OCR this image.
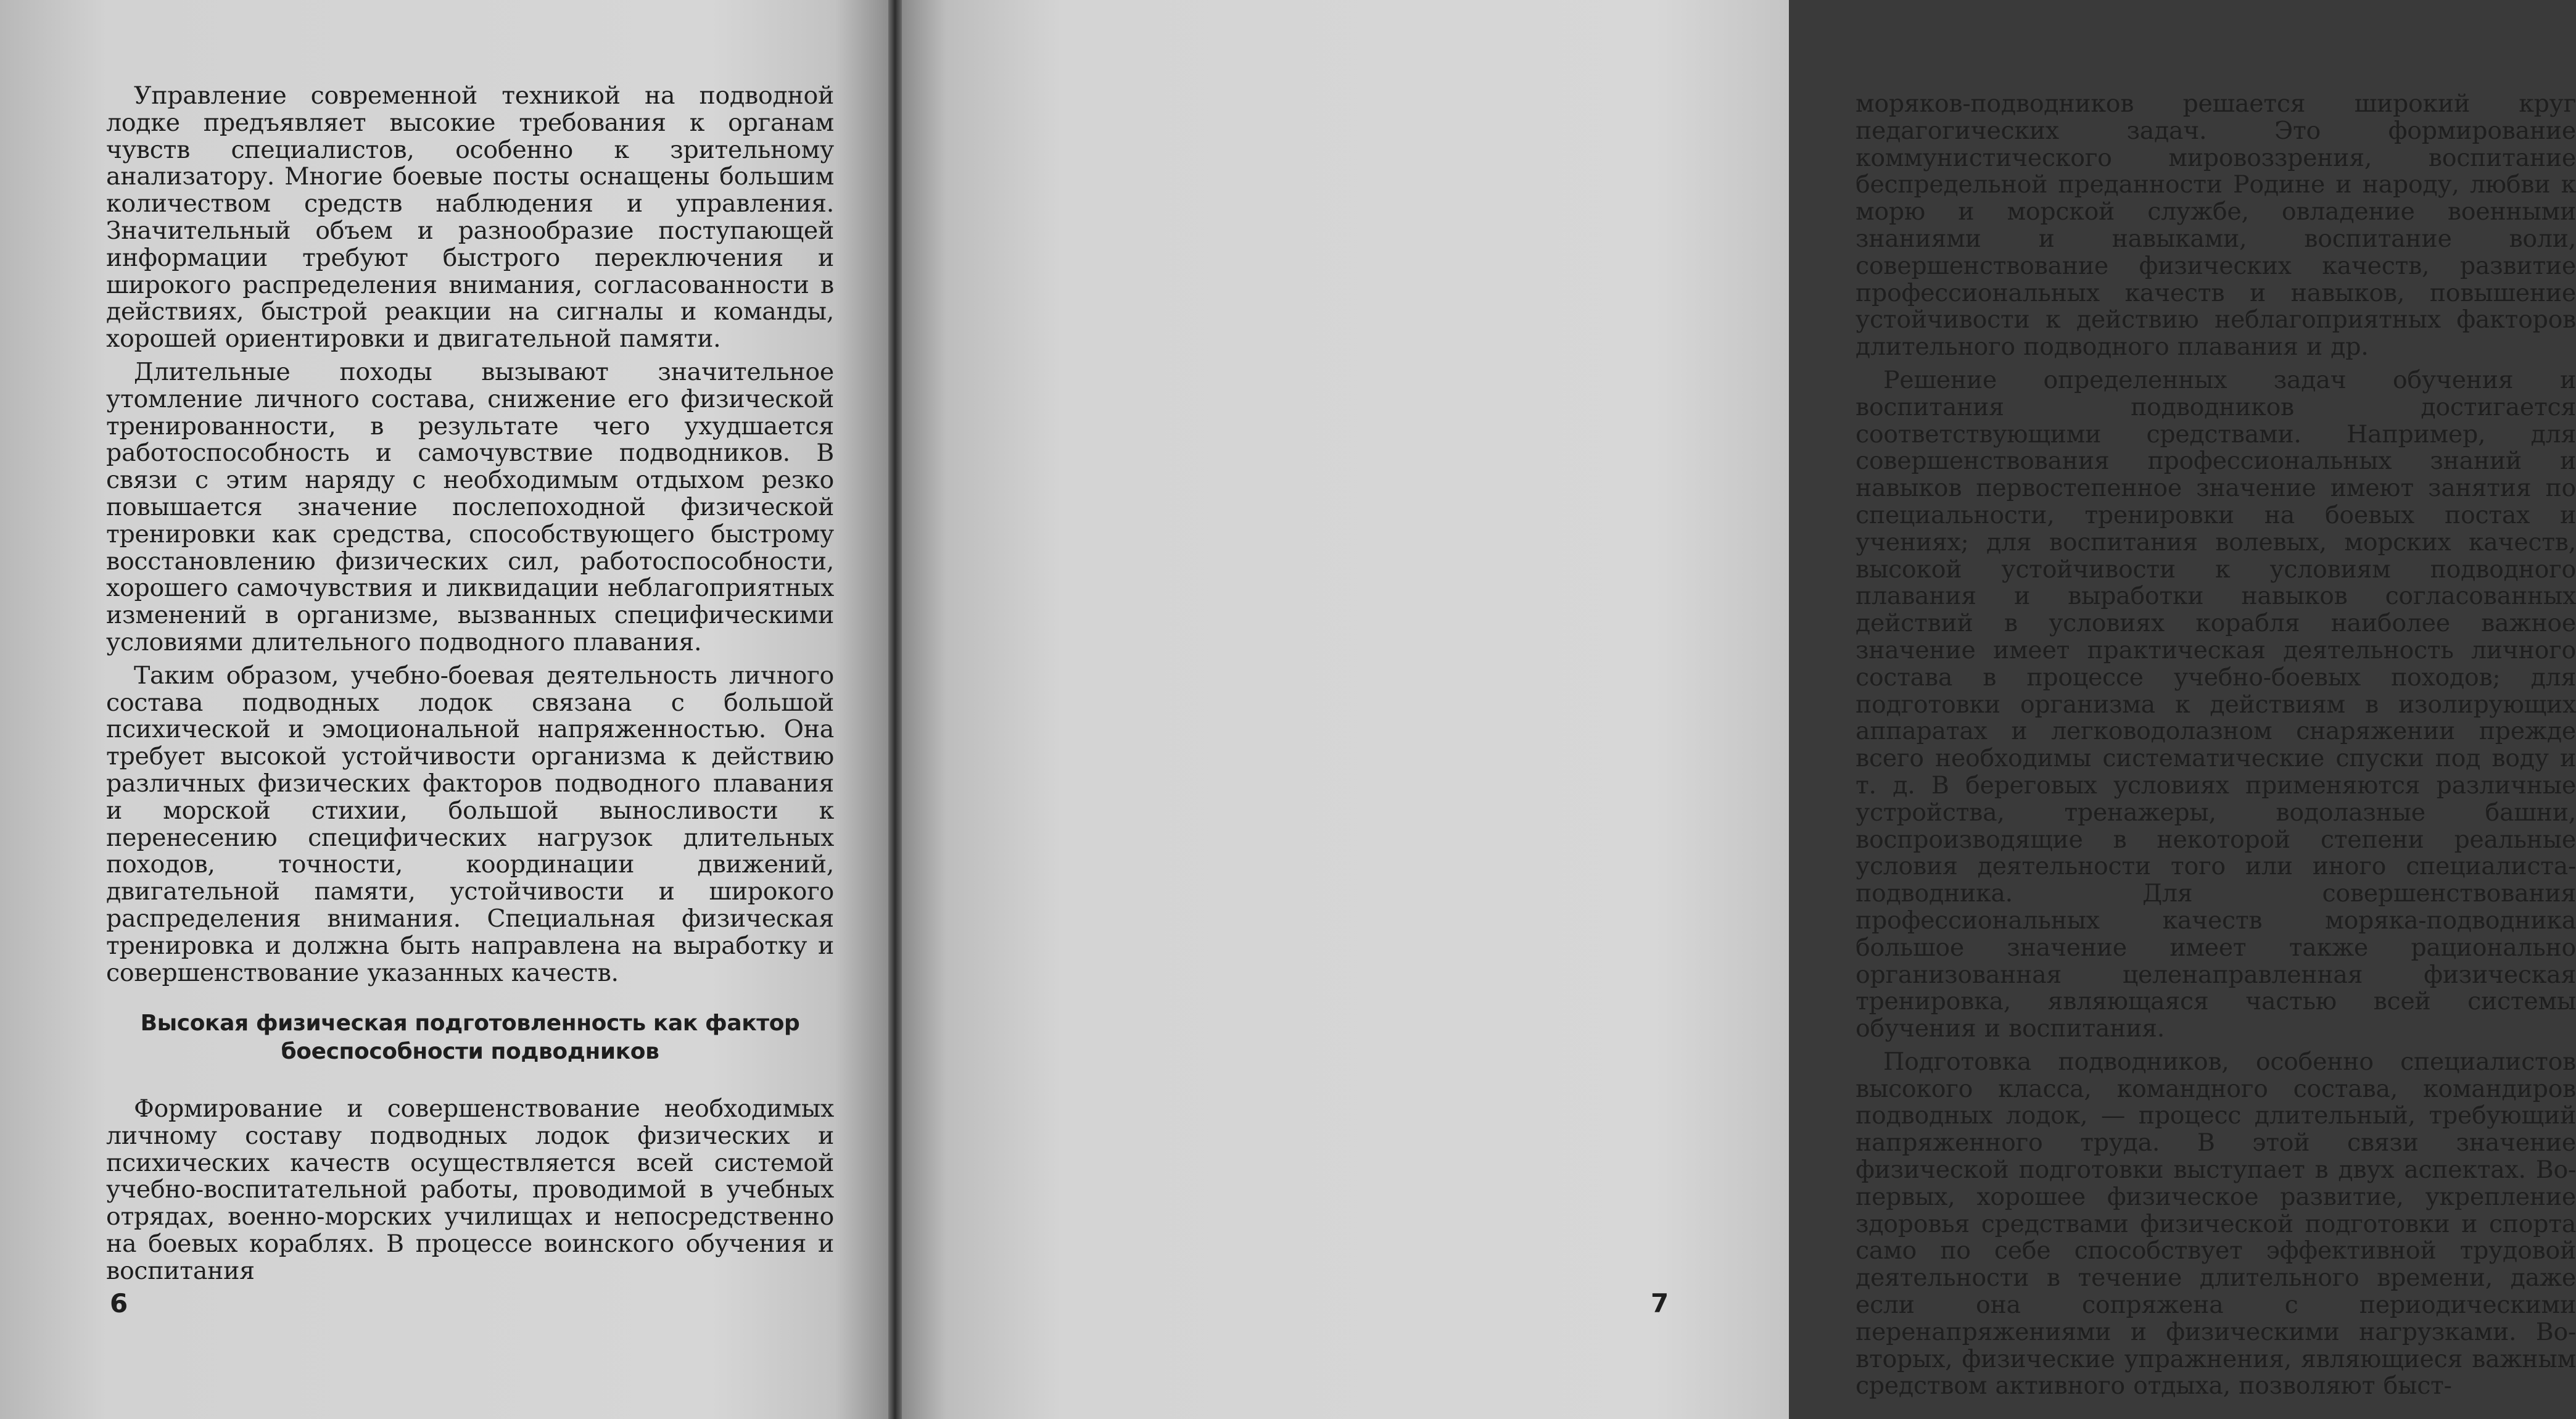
Управление современной техникой на подводной лодке предъявляет высокие требования к органам чувств специалистов, особенно к зрительному анализатору. Многие боевые посты оснащены большим количеством средств наблюдения и управления. Значительный объем и разнообразие поступающей информации требуют быстрого переключения и широкого распределения внимания, согласованности в действиях, быстрой реакции на сигналы и команды, хорошей ориентировки и двигательной памяти.

Длительные походы вызывают значительное утомление личного состава, снижение его физической тренированности, в результате чего ухудшается работоспособность и самочувствие подводников. В связи с этим наряду с необходимым отдыхом резко повышается значение послепоходной физической тренировки как средства, способствующего быстрому восстановлению физических сил, работоспособности, хорошего самочувствия и ликвидации неблагоприятных изменений в организме, вызванных специфическими условиями длительного подводного плавания.

Таким образом, учебно-боевая деятельность личного состава подводных лодок связана с большой психической и эмоциональной напряженностью. Она требует высокой устойчивости организма к действию различных физических факторов подводного плавания и морской стихии, большой выносливости к перенесению специфических нагрузок длительных походов, точности, координации движений, двигательной памяти, устойчивости и широкого распределения внимания. Специальная физическая тренировка и должна быть направлена на выработку и совершенствование указанных качеств.

Высокая физическая подготовленность как фактор
боеспособности подводников

Формирование и совершенствование необходимых личному составу подводных лодок физических и психических качеств осуществляется всей системой учебно-воспитательной работы, проводимой в учебных отрядах, военно-морских училищах и непосредственно на боевых кораблях. В процессе воинского обучения и воспитания

6

моряков-подводников решается широкий круг педагогических задач. Это формирование коммунистического мировоззрения, воспитание беспредельной преданности Родине и народу, любви к морю и морской службе, овладение военными знаниями и навыками, воспитание воли, совершенствование физических качеств, развитие профессиональных качеств и навыков, повышение устойчивости к действию неблагоприятных факторов длительного подводного плавания и др.

Решение определенных задач обучения и воспитания подводников достигается соответствующими средствами. Например, для совершенствования профессиональных знаний и навыков первостепенное значение имеют занятия по специальности, тренировки на боевых постах и учениях; для воспитания волевых, морских качеств, высокой устойчивости к условиям подводного плавания и выработки навыков согласованных действий в условиях корабля наиболее важное значение имеет практическая деятельность личного состава в процессе учебно-боевых походов; для подготовки организма к действиям в изолирующих аппаратах и легководолазном снаряжении прежде всего необходимы систематические спуски под воду и т. д. В береговых условиях применяются различные устройства, тренажеры, водолазные башни, воспроизводящие в некоторой степени реальные условия деятельности того или иного специалиста-подводника. Для совершенствования профессиональных качеств моряка-подводника большое значение имеет также рационально организованная целенаправленная физическая тренировка, являющаяся частью всей системы обучения и воспитания.

Подготовка подводников, особенно специалистов высокого класса, командного состава, командиров подводных лодок, — процесс длительный, требующий напряженного труда. В этой связи значение физической подготовки выступает в двух аспектах. Во-первых, хорошее физическое развитие, укрепление здоровья средствами физической подготовки и спорта само по себе способствует эффективной трудовой деятельности в течение длительного времени, даже если она сопряжена с периодическими перенапряжениями и физическими нагрузками. Во-вторых, физические упражнения, являющиеся важным средством активного отдыха, позволяют быст-

7
